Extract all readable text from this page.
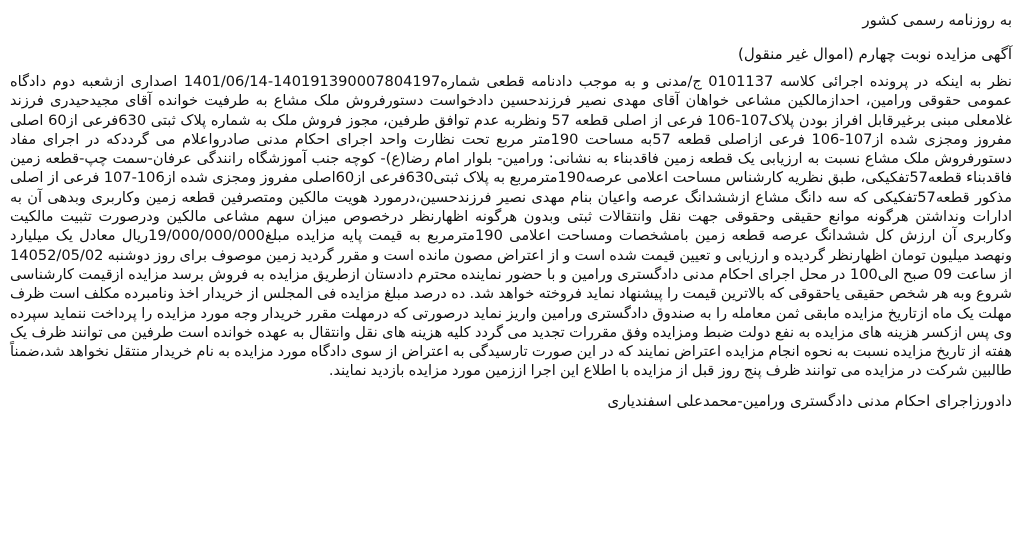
به روزنامه رسمی کشور
آگهی مزایده نوبت چهارم (اموال غیر منقول)

نظر به اینکه در پرونده اجرائی کلاسه 0101137 ج/مدنی و به موجب دادنامه قطعی شماره140191390007804197-1401/06/14 اصداری ازشعبه دوم دادگاه عمومی حقوقی ورامین، احدازمالکین مشاعی خواهان آقای مهدی نصیر فرزندحسین دادخواست دستورفروش ملک مشاع به طرفیت خوانده آقای مجیدحیدری فرزند غلامعلی مبنی برغیرقابل افراز بودن پلاک107-106 فرعی از اصلی قطعه 57 ونظربه عدم توافق طرفین، مجوز فروش ملک به شماره پلاک ثبتی 630فرعی از60 اصلی مفروز ومجزی شده از107-106 فرعی ازاصلی قطعه 57به مساحت 190متر مربع تحت نظارت واحد اجرای احکام مدنی صادرواعلام می گرددکه در اجرای مفاد دستورفروش ملک مشاع نسبت به ارزیابی یک قطعه زمین فاقدبناء به نشانی: ورامین- بلوار امام رضا(ع)- کوچه جنب آموزشگاه رانندگی عرفان-سمت چپ-قطعه زمین فاقدبناء قطعه57تفکیکی، طبق نظریه کارشناس مساحت اعلامی عرصه190مترمربع به پلاک ثبتی630فرعی از60اصلی مفروز ومجزی شده از106-107 فرعی از اصلی مذکور قطعه57تفکیکی که سه دانگ مشاع ازششدانگ عرصه واعیان بنام مهدی نصیر فرزندحسین،درمورد هویت مالکین ومتصرفین قطعه زمین وکاربری وبدهی آن به ادارات ونداشتن هرگونه موانع حقیقی وحقوقی جهت نقل وانتقالات ثبتی وبدون هرگونه اظهارنظر درخصوص میزان سهم مشاعی مالکین ودرصورت تثبیت مالکیت وکاربری آن ارزش کل ششدانگ عرصه قطعه زمین بامشخصات ومساحت اعلامی 190مترمربع به قیمت پایه مزایده مبلغ19/000/000/000ریال معادل یک میلیارد ونهصد میلیون تومان اظهارنظر گردیده و ارزیابی و تعیین قیمت شده است و از اعتراض مصون مانده است و مقرر گردید زمین موصوف برای روز دوشنبه 14052/05/02 از ساعت 09 صبح الی100 در محل اجرای احکام مدنی دادگستری ورامین و با حضور نماینده محترم دادستان ازطریق مزایده به فروش برسد مزایده ازقیمت کارشناسی شروع وبه هر شخص حقیقی یاحقوقی که بالاترین قیمت را پیشنهاد نماید فروخته خواهد شد. ده درصد مبلغ مزایده فی المجلس از خریدار اخذ ونامبرده مکلف است ظرف مهلت یک ماه ازتاریخ مزایده مابقی ثمن معامله را به صندوق دادگستری ورامین واریز نماید درصورتی که درمهلت مقرر خریدار وجه مورد مزایده را پرداخت ننماید سپرده وی پس ازکسر هزینه های مزایده به نفع دولت ضبط ومزایده وفق مقررات تجدید می گردد کلیه هزینه های نقل وانتقال به عهده خوانده است طرفین می توانند ظرف یک هفته از تاریخ مزایده نسبت به نحوه انجام مزایده اعتراض نمایند که در این صورت تارسیدگی به اعتراض از سوی دادگاه مورد مزایده به نام خریدار منتقل نخواهد شد،ضمناً طالبین شرکت در مزایده می توانند ظرف پنج روز قبل از مزایده با اطلاع این اجرا اززمین مورد مزایده بازدید نمایند.

دادورزاجرای احکام مدنی دادگستری ورامین-محمدعلی اسفندیاری
